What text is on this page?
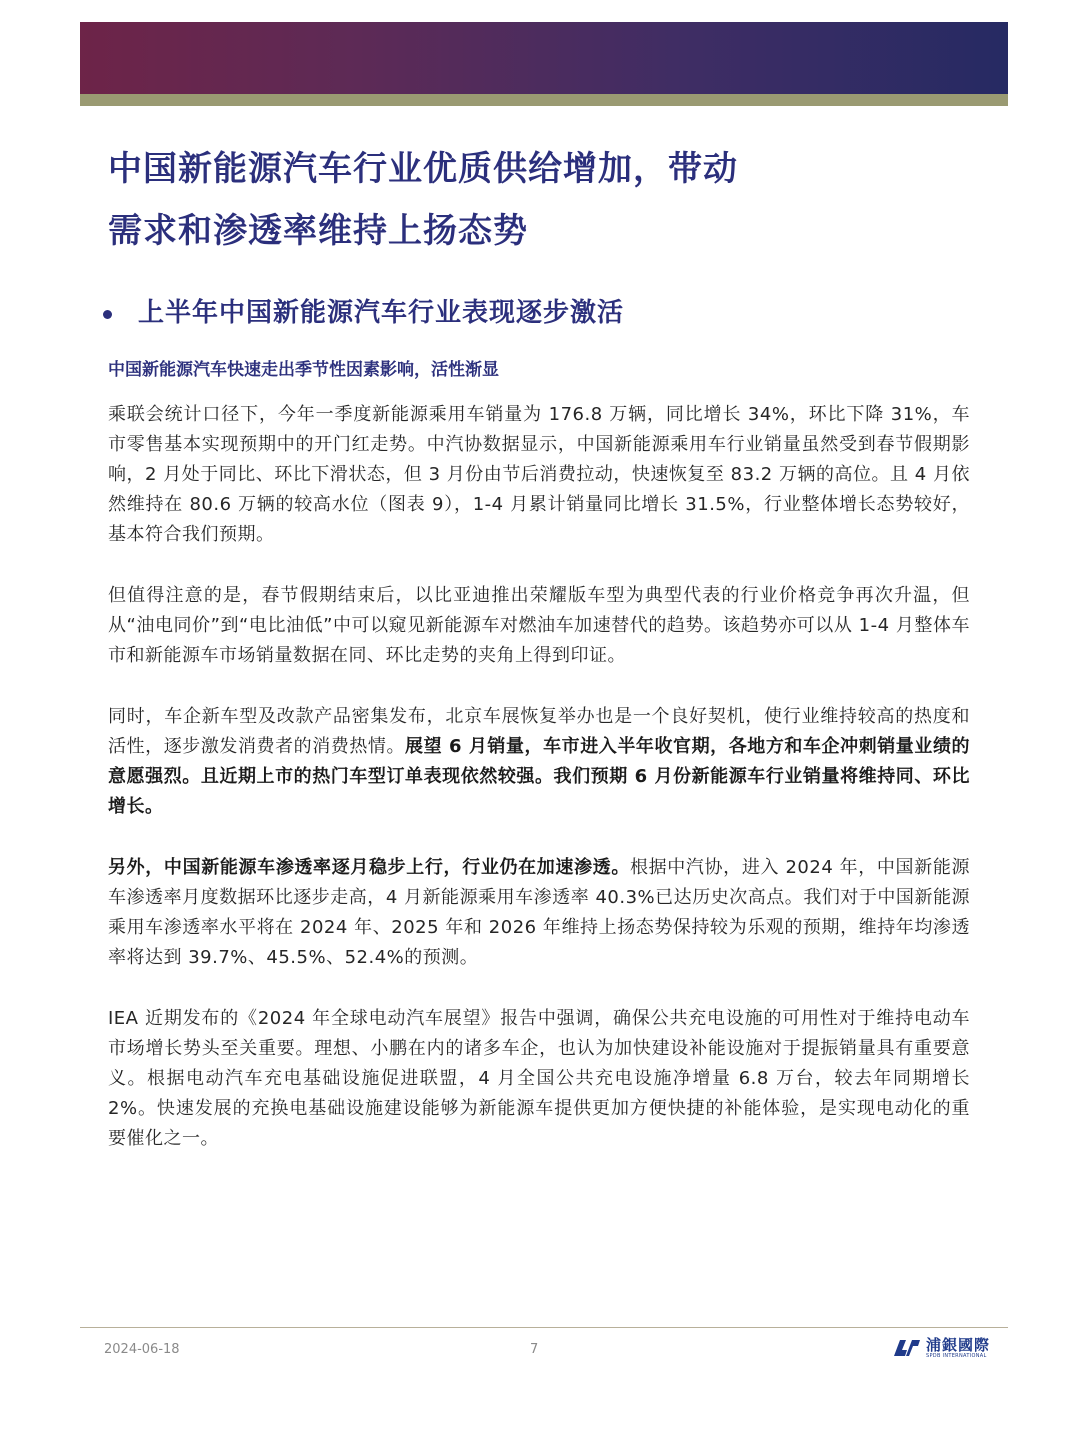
中国新能源汽车行业优质供给增加，带动
需求和渗透率维持上扬态势
上半年中国新能源汽车行业表现逐步激活
中国新能源汽车快速走出季节性因素影响，活性渐显

乘联会统计口径下，今年一季度新能源乘用车销量为 176.8 万辆，同比增长 34%，环比下降 31%，车市零售基本实现预期中的开门红走势。中汽协数据显示，中国新能源乘用车行业销量虽然受到春节假期影响，2 月处于同比、环比下滑状态，但 3 月份由节后消费拉动，快速恢复至 83.2 万辆的高位。且 4 月依然维持在 80.6 万辆的较高水位（图表 9），1-4 月累计销量同比增长 31.5%，行业整体增长态势较好，基本符合我们预期。

但值得注意的是，春节假期结束后，以比亚迪推出荣耀版车型为典型代表的行业价格竞争再次升温，但从“油电同价”到“电比油低”中可以窥见新能源车对燃油车加速替代的趋势。该趋势亦可以从 1-4 月整体车市和新能源车市场销量数据在同、环比走势的夹角上得到印证。

同时，车企新车型及改款产品密集发布，北京车展恢复举办也是一个良好契机，使行业维持较高的热度和活性，逐步激发消费者的消费热情。展望 6 月销量，车市进入半年收官期，各地方和车企冲刺销量业绩的意愿强烈。且近期上市的热门车型订单表现依然较强。我们预期 6 月份新能源车行业销量将维持同、环比增长。

另外，中国新能源车渗透率逐月稳步上行，行业仍在加速渗透。根据中汽协，进入 2024 年，中国新能源车渗透率月度数据环比逐步走高，4 月新能源乘用车渗透率 40.3%已达历史次高点。我们对于中国新能源乘用车渗透率水平将在 2024 年、2025 年和 2026 年维持上扬态势保持较为乐观的预期，维持年均渗透率将达到 39.7%、45.5%、52.4%的预测。

IEA 近期发布的《2024 年全球电动汽车展望》报告中强调，确保公共充电设施的可用性对于维持电动车市场增长势头至关重要。理想、小鹏在内的诸多车企，也认为加快建设补能设施对于提振销量具有重要意义。根据电动汽车充电基础设施促进联盟，4 月全国公共充电设施净增量 6.8 万台，较去年同期增长 2%。快速发展的充换电基础设施建设能够为新能源车提供更加方便快捷的补能体验，是实现电动化的重要催化之一。

2024-06-18	7	浦銀國際
SPDB INTERNATIONAL
